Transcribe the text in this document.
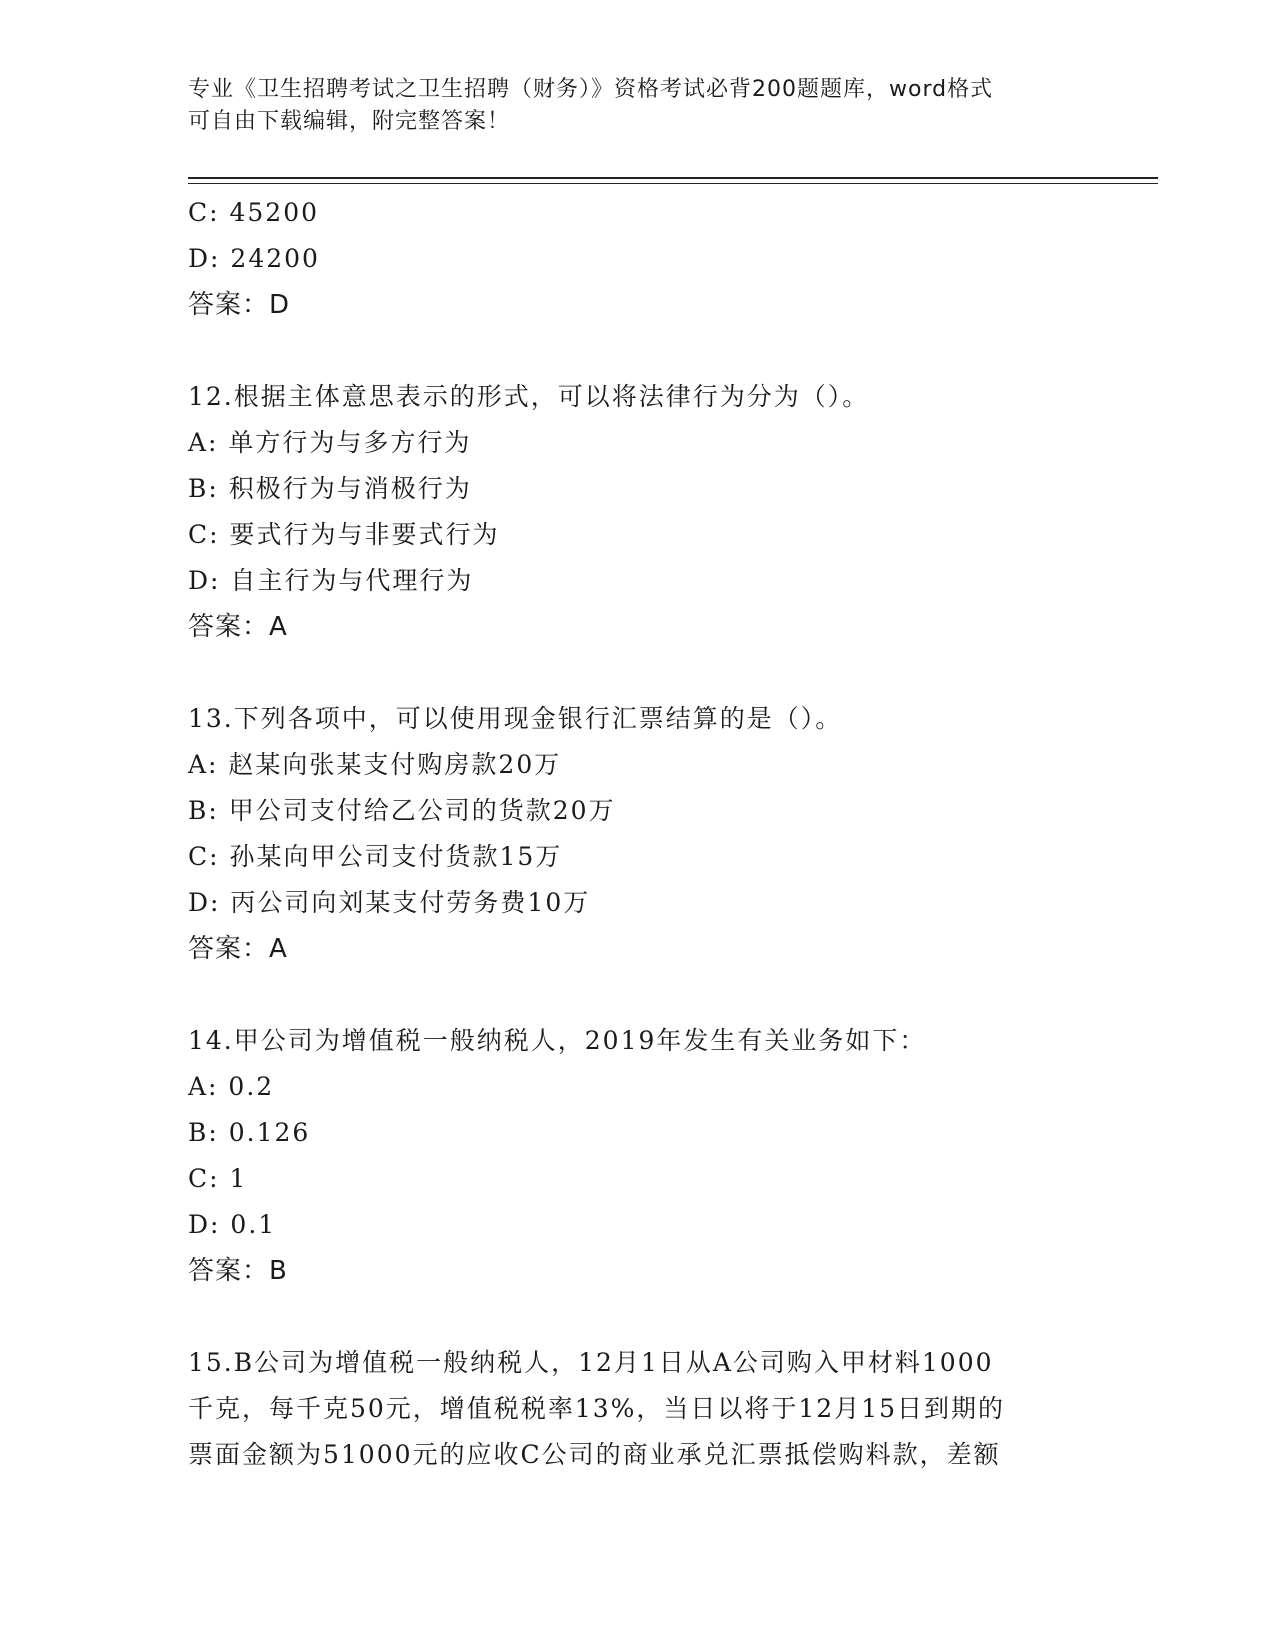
专业《卫生招聘考试之卫生招聘（财务）》资格考试必背200题题库，word格式
可自由下载编辑，附完整答案！
C: 45200
D: 24200
答案：D
12.根据主体意思表示的形式，可以将法律行为分为（）。
A: 单方行为与多方行为
B: 积极行为与消极行为
C: 要式行为与非要式行为
D: 自主行为与代理行为
答案：A
13.下列各项中，可以使用现金银行汇票结算的是（）。
A: 赵某向张某支付购房款20万
B: 甲公司支付给乙公司的货款20万
C: 孙某向甲公司支付货款15万
D: 丙公司向刘某支付劳务费10万
答案：A
14.甲公司为增值税一般纳税人，2019年发生有关业务如下：
A: 0.2
B: 0.126
C: 1
D: 0.1
答案：B
15.B公司为增值税一般纳税人，12月1日从A公司购入甲材料1000
千克，每千克50元，增值税税率13%，当日以将于12月15日到期的
票面金额为51000元的应收C公司的商业承兑汇票抵偿购料款，差额
